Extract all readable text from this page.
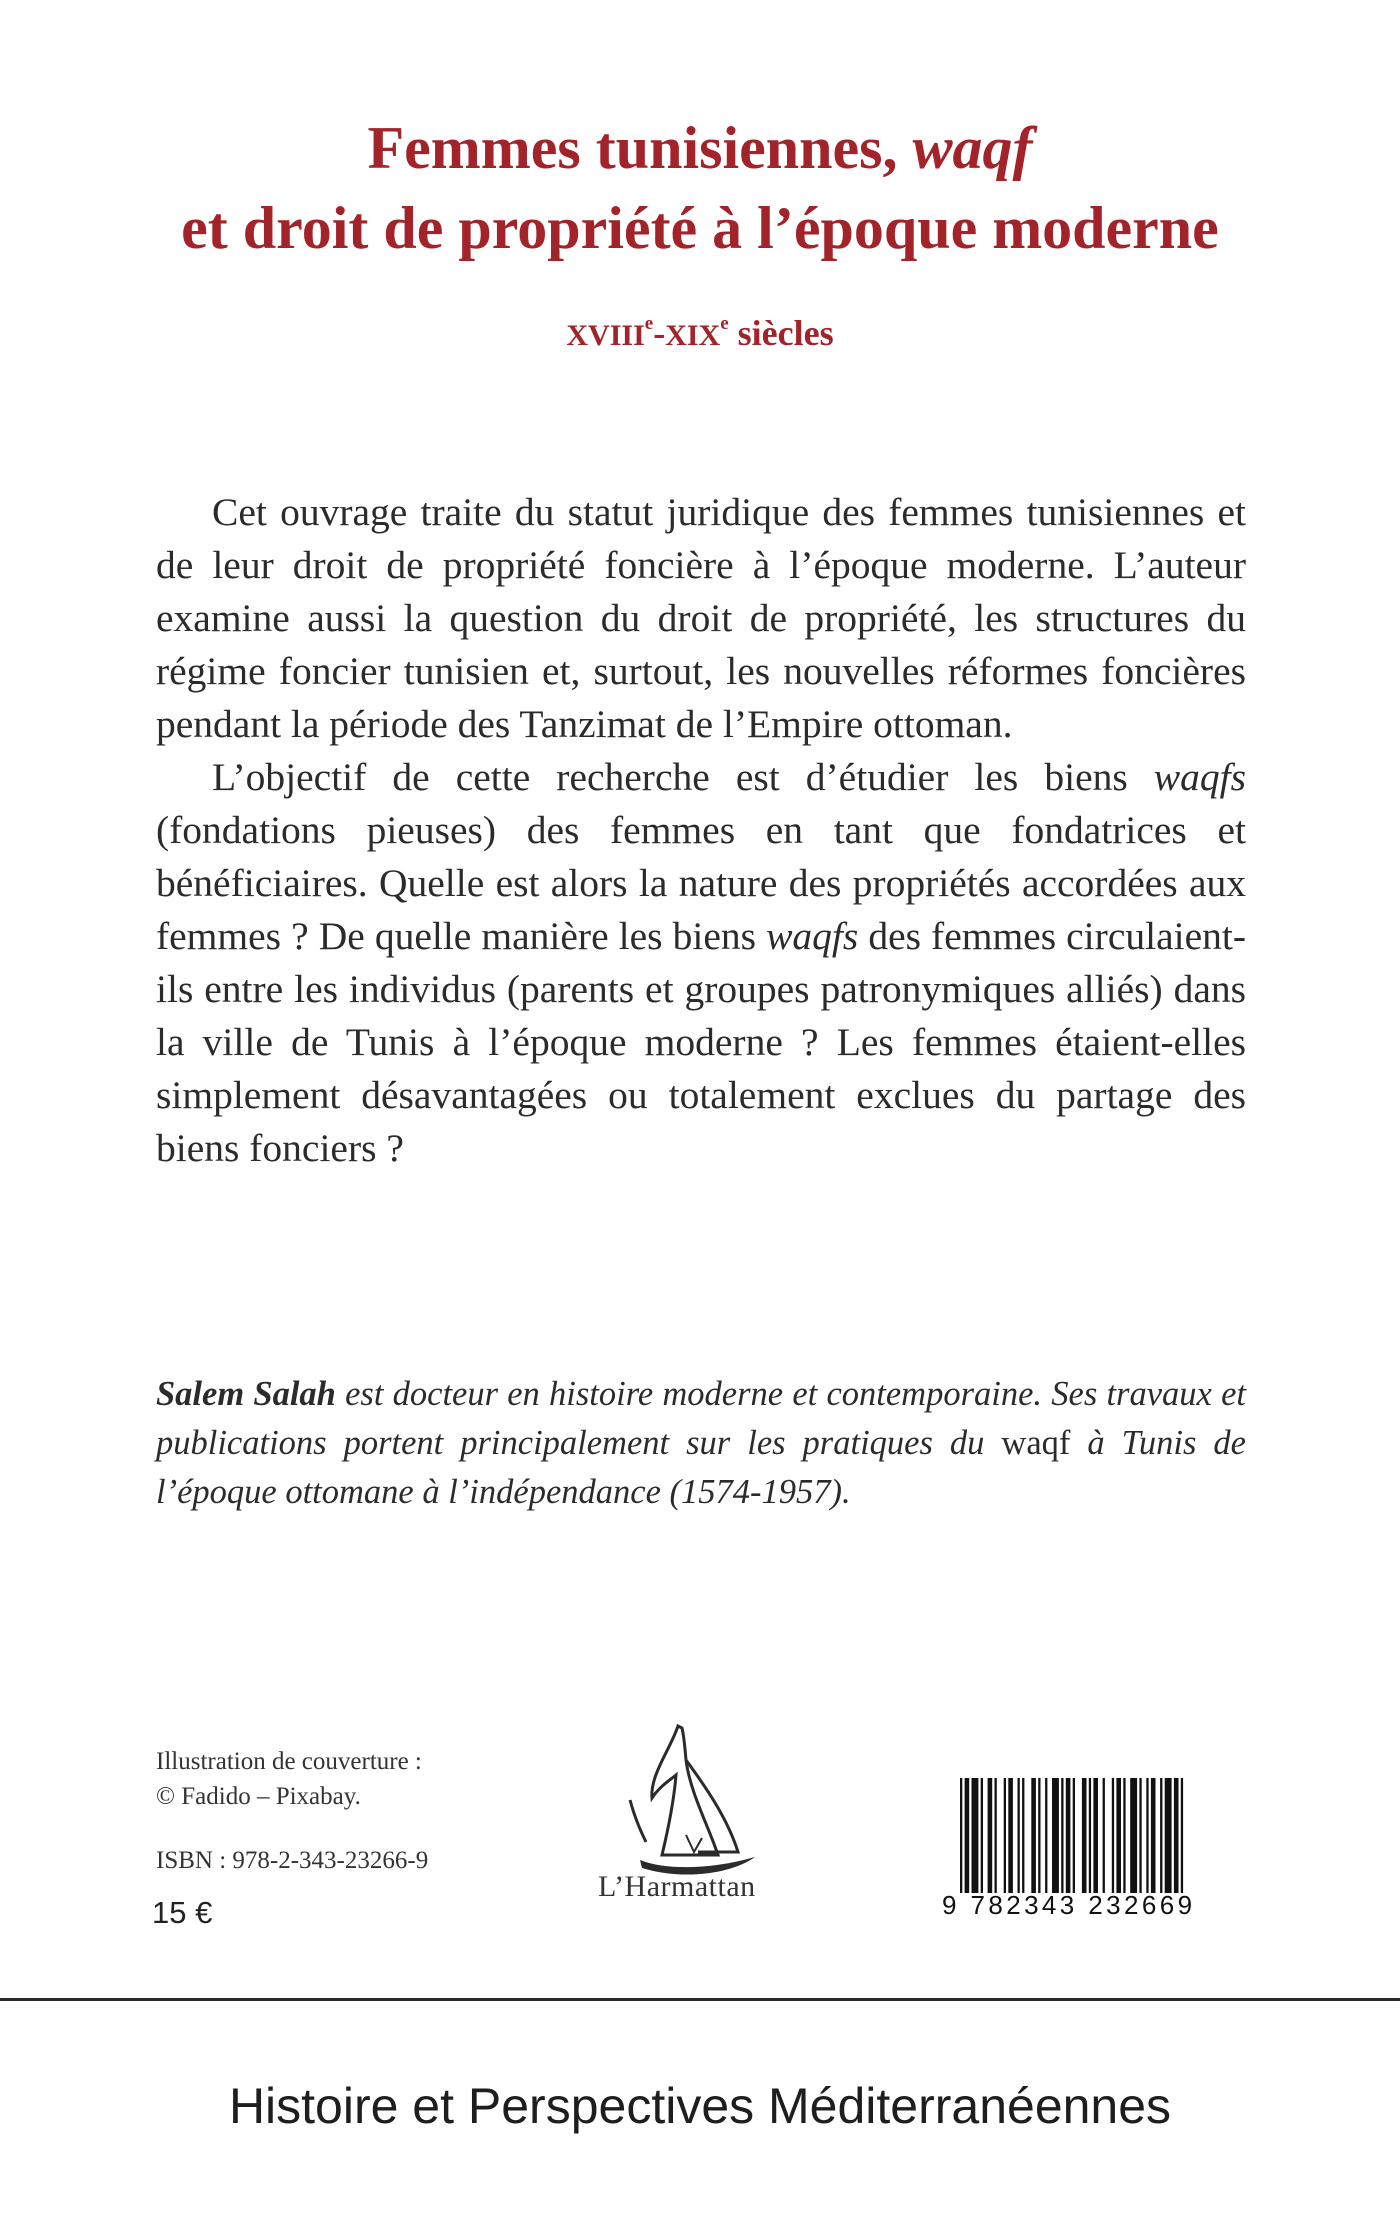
Femmes tunisiennes, waqf
et droit de propriété à l’époque moderne
XVIIIe-XIXe siècles

Cet ouvrage traite du statut juridique des femmes tunisiennes et de leur droit de propriété foncière à l’époque moderne. L’auteur examine aussi la question du droit de propriété, les structures du régime foncier tunisien et, surtout, les nouvelles réformes foncières pendant la période des Tanzimat de l’Empire ottoman.

L’objectif de cette recherche est d’étudier les biens waqfs (fondations pieuses) des femmes en tant que fondatrices et bénéficiaires. Quelle est alors la nature des propriétés accordées aux femmes ? De quelle manière les biens waqfs des femmes circulaient-ils entre les individus (parents et groupes patronymiques alliés) dans la ville de Tunis à l’époque moderne ? Les femmes étaient-elles simplement désavantagées ou totalement exclues du partage des biens fonciers ?

Salem Salah est docteur en histoire moderne et contemporaine. Ses travaux et publications portent principalement sur les pratiques du waqf à Tunis de l’époque ottomane à l’indépendance (1574-1957).
Illustration de couverture :
© Fadido – Pixabay.
ISBN : 978-2-343-23266-9
15 €
L’Harmattan
9 782343 232669
Histoire et Perspectives Méditerranéennes
